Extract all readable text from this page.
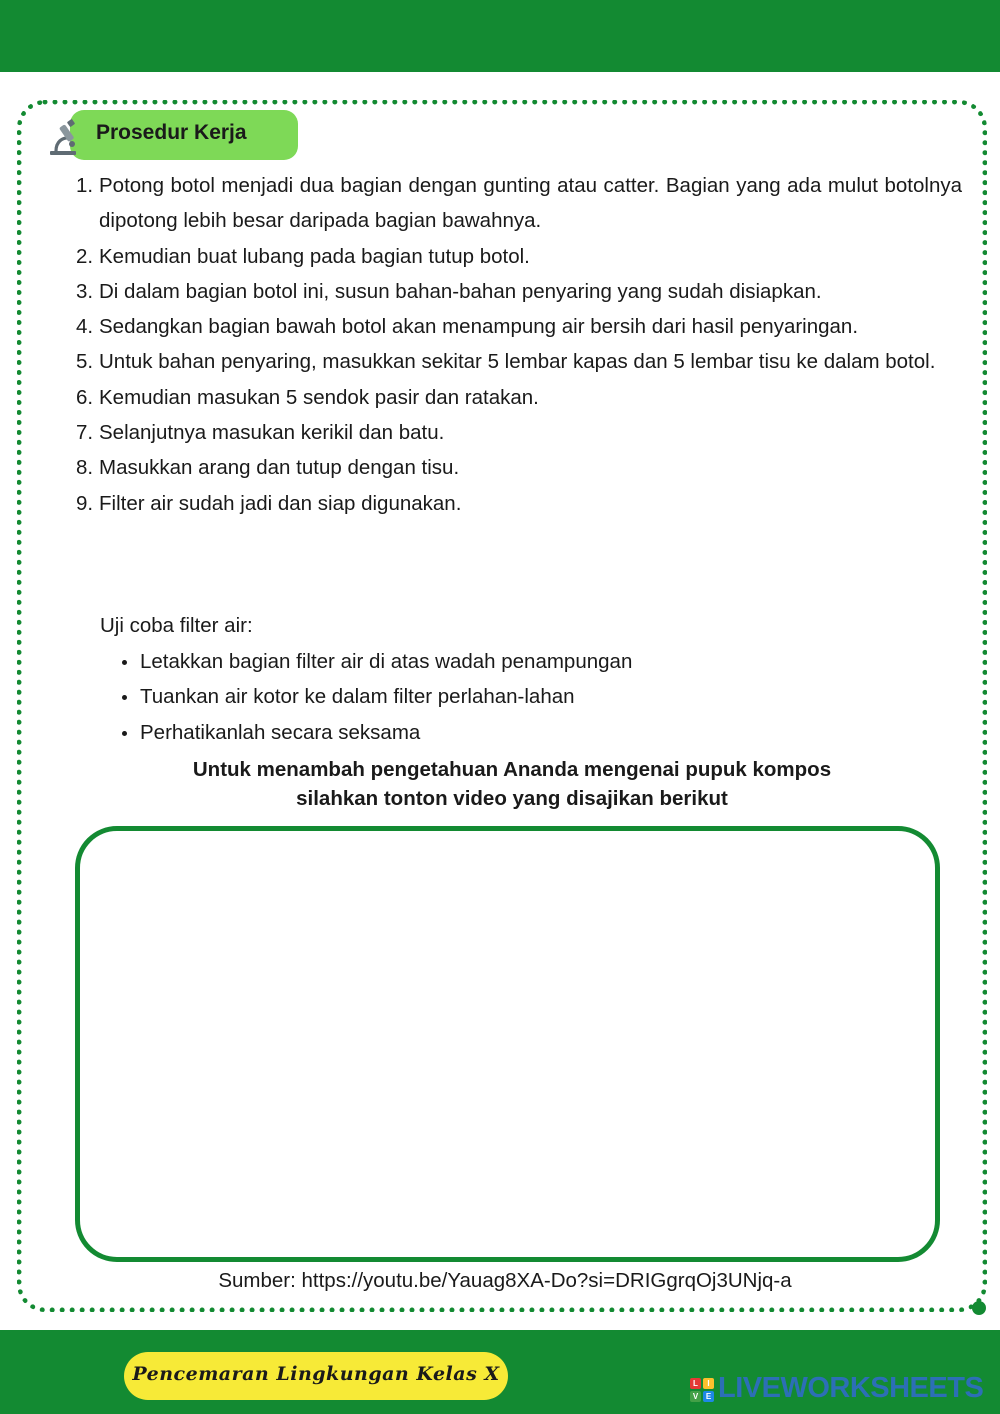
Prosedur Kerja
1. Potong botol menjadi dua bagian dengan gunting atau catter. Bagian yang ada mulut botolnya dipotong lebih besar daripada bagian bawahnya.
2. Kemudian buat lubang pada bagian tutup botol.
3. Di dalam bagian botol ini, susun bahan-bahan penyaring yang sudah disiapkan.
4. Sedangkan bagian bawah botol akan menampung air bersih dari hasil penyaringan.
5. Untuk bahan penyaring, masukkan sekitar 5 lembar kapas dan 5 lembar tisu ke dalam botol.
6. Kemudian masukan 5 sendok pasir dan ratakan.
7. Selanjutnya masukan kerikil dan batu.
8. Masukkan arang dan tutup dengan tisu.
9. Filter air sudah jadi dan siap digunakan.
Uji coba filter air:
Letakkan bagian filter air di atas wadah penampungan
Tuankan air kotor ke dalam filter perlahan-lahan
Perhatikanlah secara seksama
Untuk menambah pengetahuan Ananda mengenai pupuk kompos
silahkan tonton video yang disajikan berikut
Sumber: https://youtu.be/Yauag8XA-Do?si=DRIGgrqOj3UNjq-a
Pencemaran Lingkungan Kelas X	L	I
V E LIVEWORKSHEETS
